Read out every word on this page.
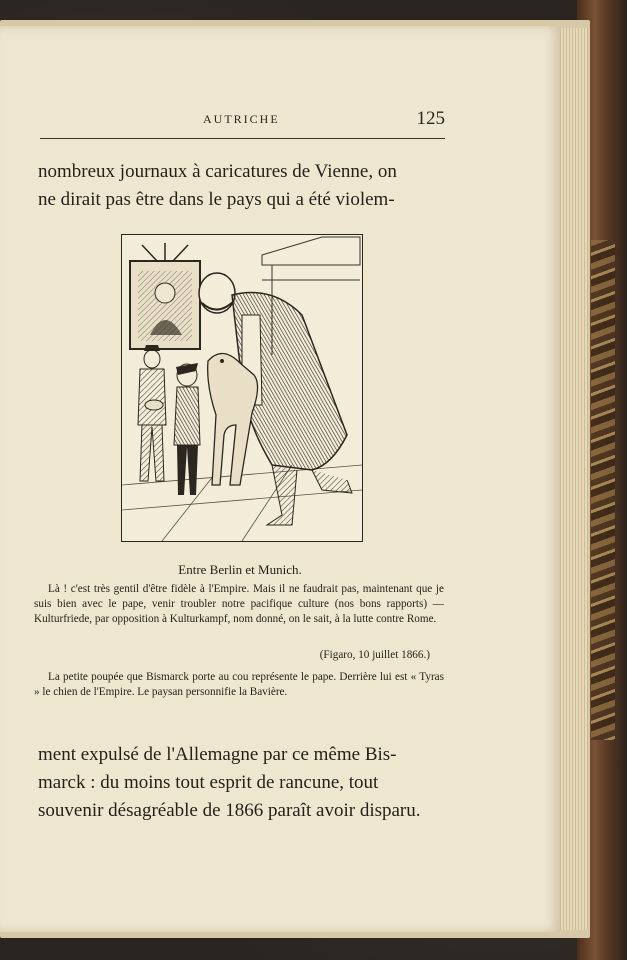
AUTRICHE	125
nombreux journaux à caricatures de Vienne, on
ne dirait pas être dans le pays qui a été violem-
Entre Berlin et Munich.
Là ! c'est très gentil d'être fidèle à l'Empire. Mais il ne faudrait pas, maintenant que je suis bien avec le pape, venir troubler notre pacifique culture (nos bons rapports) — Kulturfriede, par opposition à Kulturkampf, nom donné, on le sait, à la lutte contre Rome.
(Figaro, 10 juillet 1866.)
La petite poupée que Bismarck porte au cou représente le pape. Derrière lui est « Tyras » le chien de l'Empire. Le paysan personnifie la Bavière.
ment expulsé de l'Allemagne par ce même Bis-
marck : du moins tout esprit de rancune, tout
souvenir désagréable de 1866 paraît avoir disparu.
